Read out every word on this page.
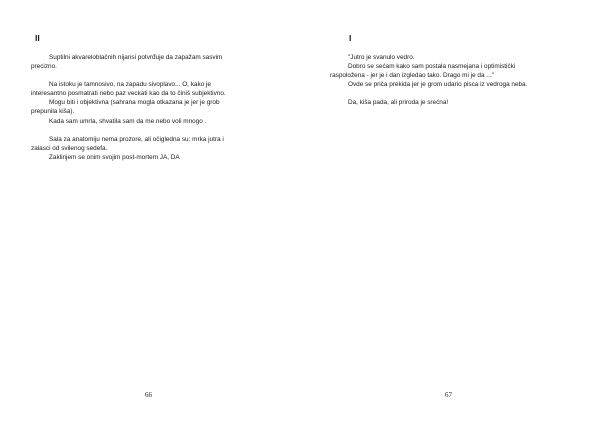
II

Suptilni akvareloblačnih nijansi potvrđuje da zapažam sasvim

precizno.

Na istoku je tamnosivo, na zapadu sivoplavo... O, kako je

interesantno posmatrati nebo paz veckati kao da to činiš subjektivno.

Mogu biti i objektivna (sahrana mogla otkazana je jer je grob

prepunila kiša).

Kada sam umrla, shvatila sam da me nebo voli mnogo .

Sala za anatomiju nema prozore, ali očigledna su: mrka jutra i

zalasci od svilenog sedefa.

Zaklinjem se onim svojim post-mortem JA, DA

66
I

"Jutro je svanulo vedro.

Dobro se sećam kako sam postala nasmejana i optimistički

raspoložena - jer je i dan izgledao tako. Drago mi je da ..."

Ovde se priča prekida jer je grom udario pisca iz vedroga neba.

Da, kiša pada, ali priroda je srećna!

67
